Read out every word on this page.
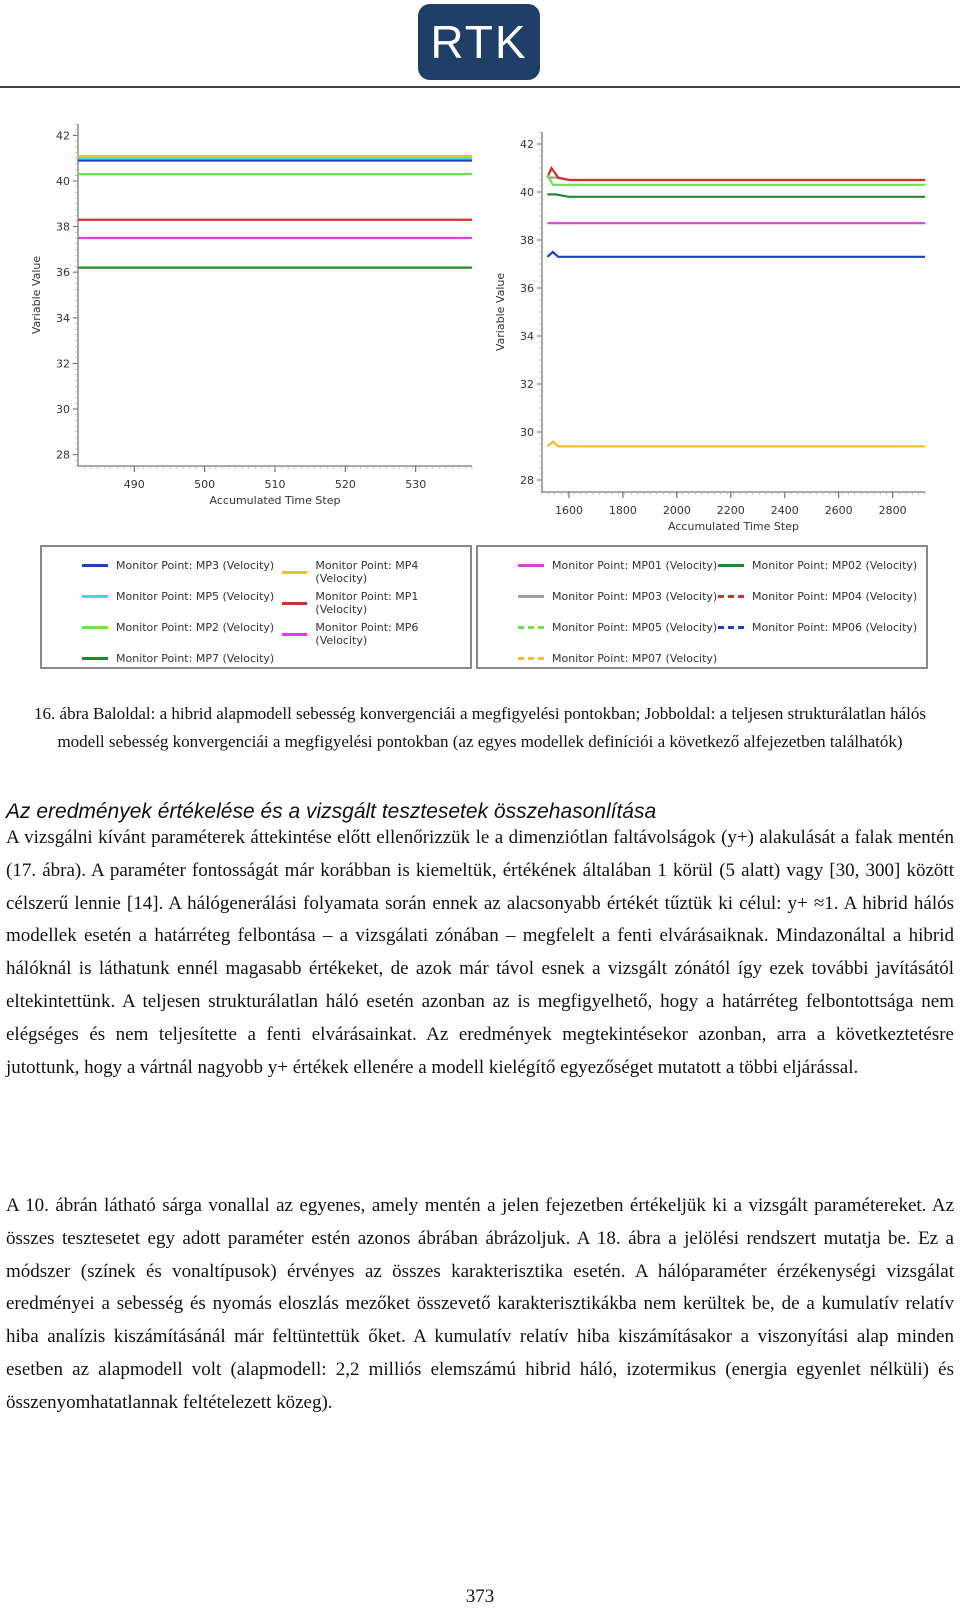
RTK
42
40
38
36
34
32
30
28
490	500	510	520	530
Accumulated Time Step
Variable Value
42
40
38
36
34
32
30
28
1600 1800 2000 2200 2400 2600 2800
Accumulated Time Step
Variable Value
Monitor Point: MP3 (Velocity)	Monitor Point: MP4 (Velocity)
Monitor Point: MP5 (Velocity)	Monitor Point: MP1 (Velocity)
Monitor Point: MP2 (Velocity)	Monitor Point: MP6 (Velocity)
Monitor Point: MP7 (Velocity)
Monitor Point: MP01 (Velocity)	Monitor Point: MP02 (Velocity)
Monitor Point: MP03 (Velocity)	Monitor Point: MP04 (Velocity)
Monitor Point: MP05 (Velocity)	Monitor Point: MP06 (Velocity)
Monitor Point: MP07 (Velocity)
16. ábra Baloldal: a hibrid alapmodell sebesség konvergenciái a megfigyelési pontokban; Jobboldal: a teljesen strukturálatlan hálós modell sebesség konvergenciái a megfigyelési pontokban (az egyes modellek definíciói a következő alfejezetben találhatók)
Az eredmények értékelése és a vizsgált tesztesetek összehasonlítása

A vizsgálni kívánt paraméterek áttekintése előtt ellenőrizzük le a dimenziótlan faltávolságok (y+) alakulását a falak mentén (17. ábra). A paraméter fontosságát már korábban is kiemeltük, értékének általában 1 körül (5 alatt) vagy [30, 300] között célszerű lennie [14]. A hálógenerálási folyamata során ennek az alacsonyabb értékét tűztük ki célul: y+ ≈1. A hibrid hálós modellek esetén a határréteg felbontása – a vizsgálati zónában – megfelelt a fenti elvárásaiknak. Mindazonáltal a hibrid hálóknál is láthatunk ennél magasabb értékeket, de azok már távol esnek a vizsgált zónától így ezek további javításától eltekintettünk. A teljesen strukturálatlan háló esetén azonban az is megfigyelhető, hogy a határréteg felbontottsága nem elégséges és nem teljesítette a fenti elvárásainkat. Az eredmények megtekintésekor azonban, arra a következtetésre jutottunk, hogy a vártnál nagyobb y+ értékek ellenére a modell kielégítő egyezőséget mutatott a többi eljárással.

A 10. ábrán látható sárga vonallal az egyenes, amely mentén a jelen fejezetben értékeljük ki a vizsgált paramétereket. Az összes tesztesetet egy adott paraméter estén azonos ábrában ábrázoljuk. A 18. ábra a jelölési rendszert mutatja be. Ez a módszer (színek és vonaltípusok) érvényes az összes karakterisztika esetén. A hálóparaméter érzékenységi vizsgálat eredményei a sebesség és nyomás eloszlás mezőket összevető karakterisztikákba nem kerültek be, de a kumulatív relatív hiba analízis kiszámításánál már feltüntettük őket. A kumulatív relatív hiba kiszámításakor a viszonyítási alap minden esetben az alapmodell volt (alapmodell: 2,2 milliós elemszámú hibrid háló, izotermikus (energia egyenlet nélküli) és összenyomhatatlannak feltételezett közeg).

373
